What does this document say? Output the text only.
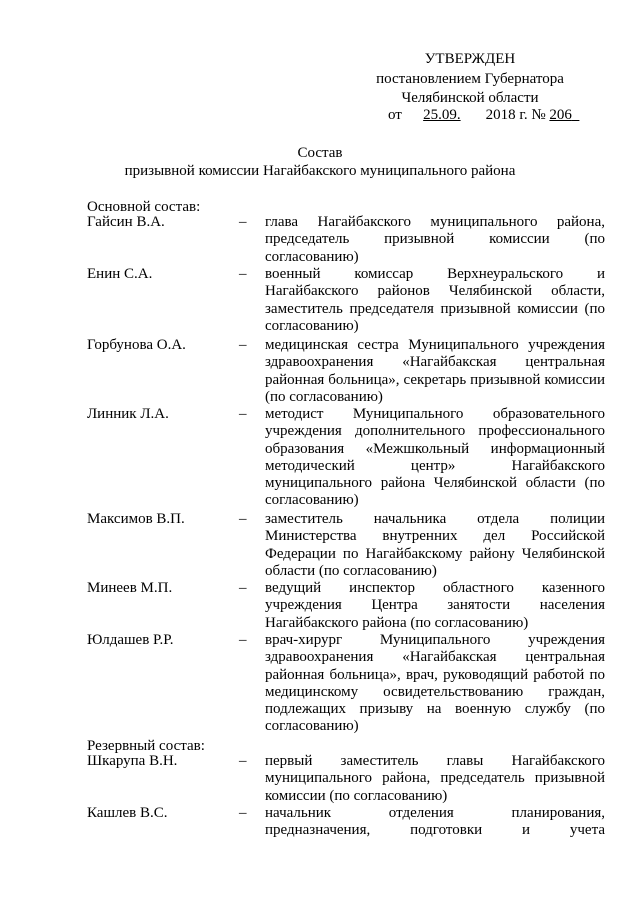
УТВЕРЖДЕН
постановлением Губернатора
Челябинской области
от 25.09. 2018 г. № 206
Состав
призывной комиссии Нагайбакского муниципального района
Основной состав:
Гайсин В.А.	– глава Нагайбакского муниципального района, председатель призывной комиссии (по согласованию)
Енин С.А.	– военный комиссар Верхнеуральского и Нагайбакского районов Челябинской области, заместитель председателя призывной комиссии (по согласованию)
Горбунова О.А.	– медицинская сестра Муниципального учреждения здравоохранения «Нагайбакская центральная районная больница», секретарь призывной комиссии (по согласованию)
Линник Л.А.	– методист Муниципального образовательного учреждения дополнительного профессионального образования «Межшкольный информационный методический центр» Нагайбакского муниципального района Челябинской области (по согласованию)
Максимов В.П.	– заместитель начальника отдела полиции Министерства внутренних дел Российской Федерации по Нагайбакскому району Челябинской области (по согласованию)
Минеев М.П.	– ведущий инспектор областного казенного учреждения Центра занятости населения Нагайбакского района (по согласованию)
Юлдашев Р.Р.	– врач-хирург Муниципального учреждения здравоохранения «Нагайбакская центральная районная больница», врач, руководящий работой по медицинскому освидетельствованию граждан, подлежащих призыву на военную службу (по согласованию)
Резервный состав:
Шкарупа В.Н.	– первый заместитель главы Нагайбакского муниципального района, председатель призывной комиссии (по согласованию)
Кашлев В.С.	– начальник отделения планирования, предназначения, подготовки и учета
